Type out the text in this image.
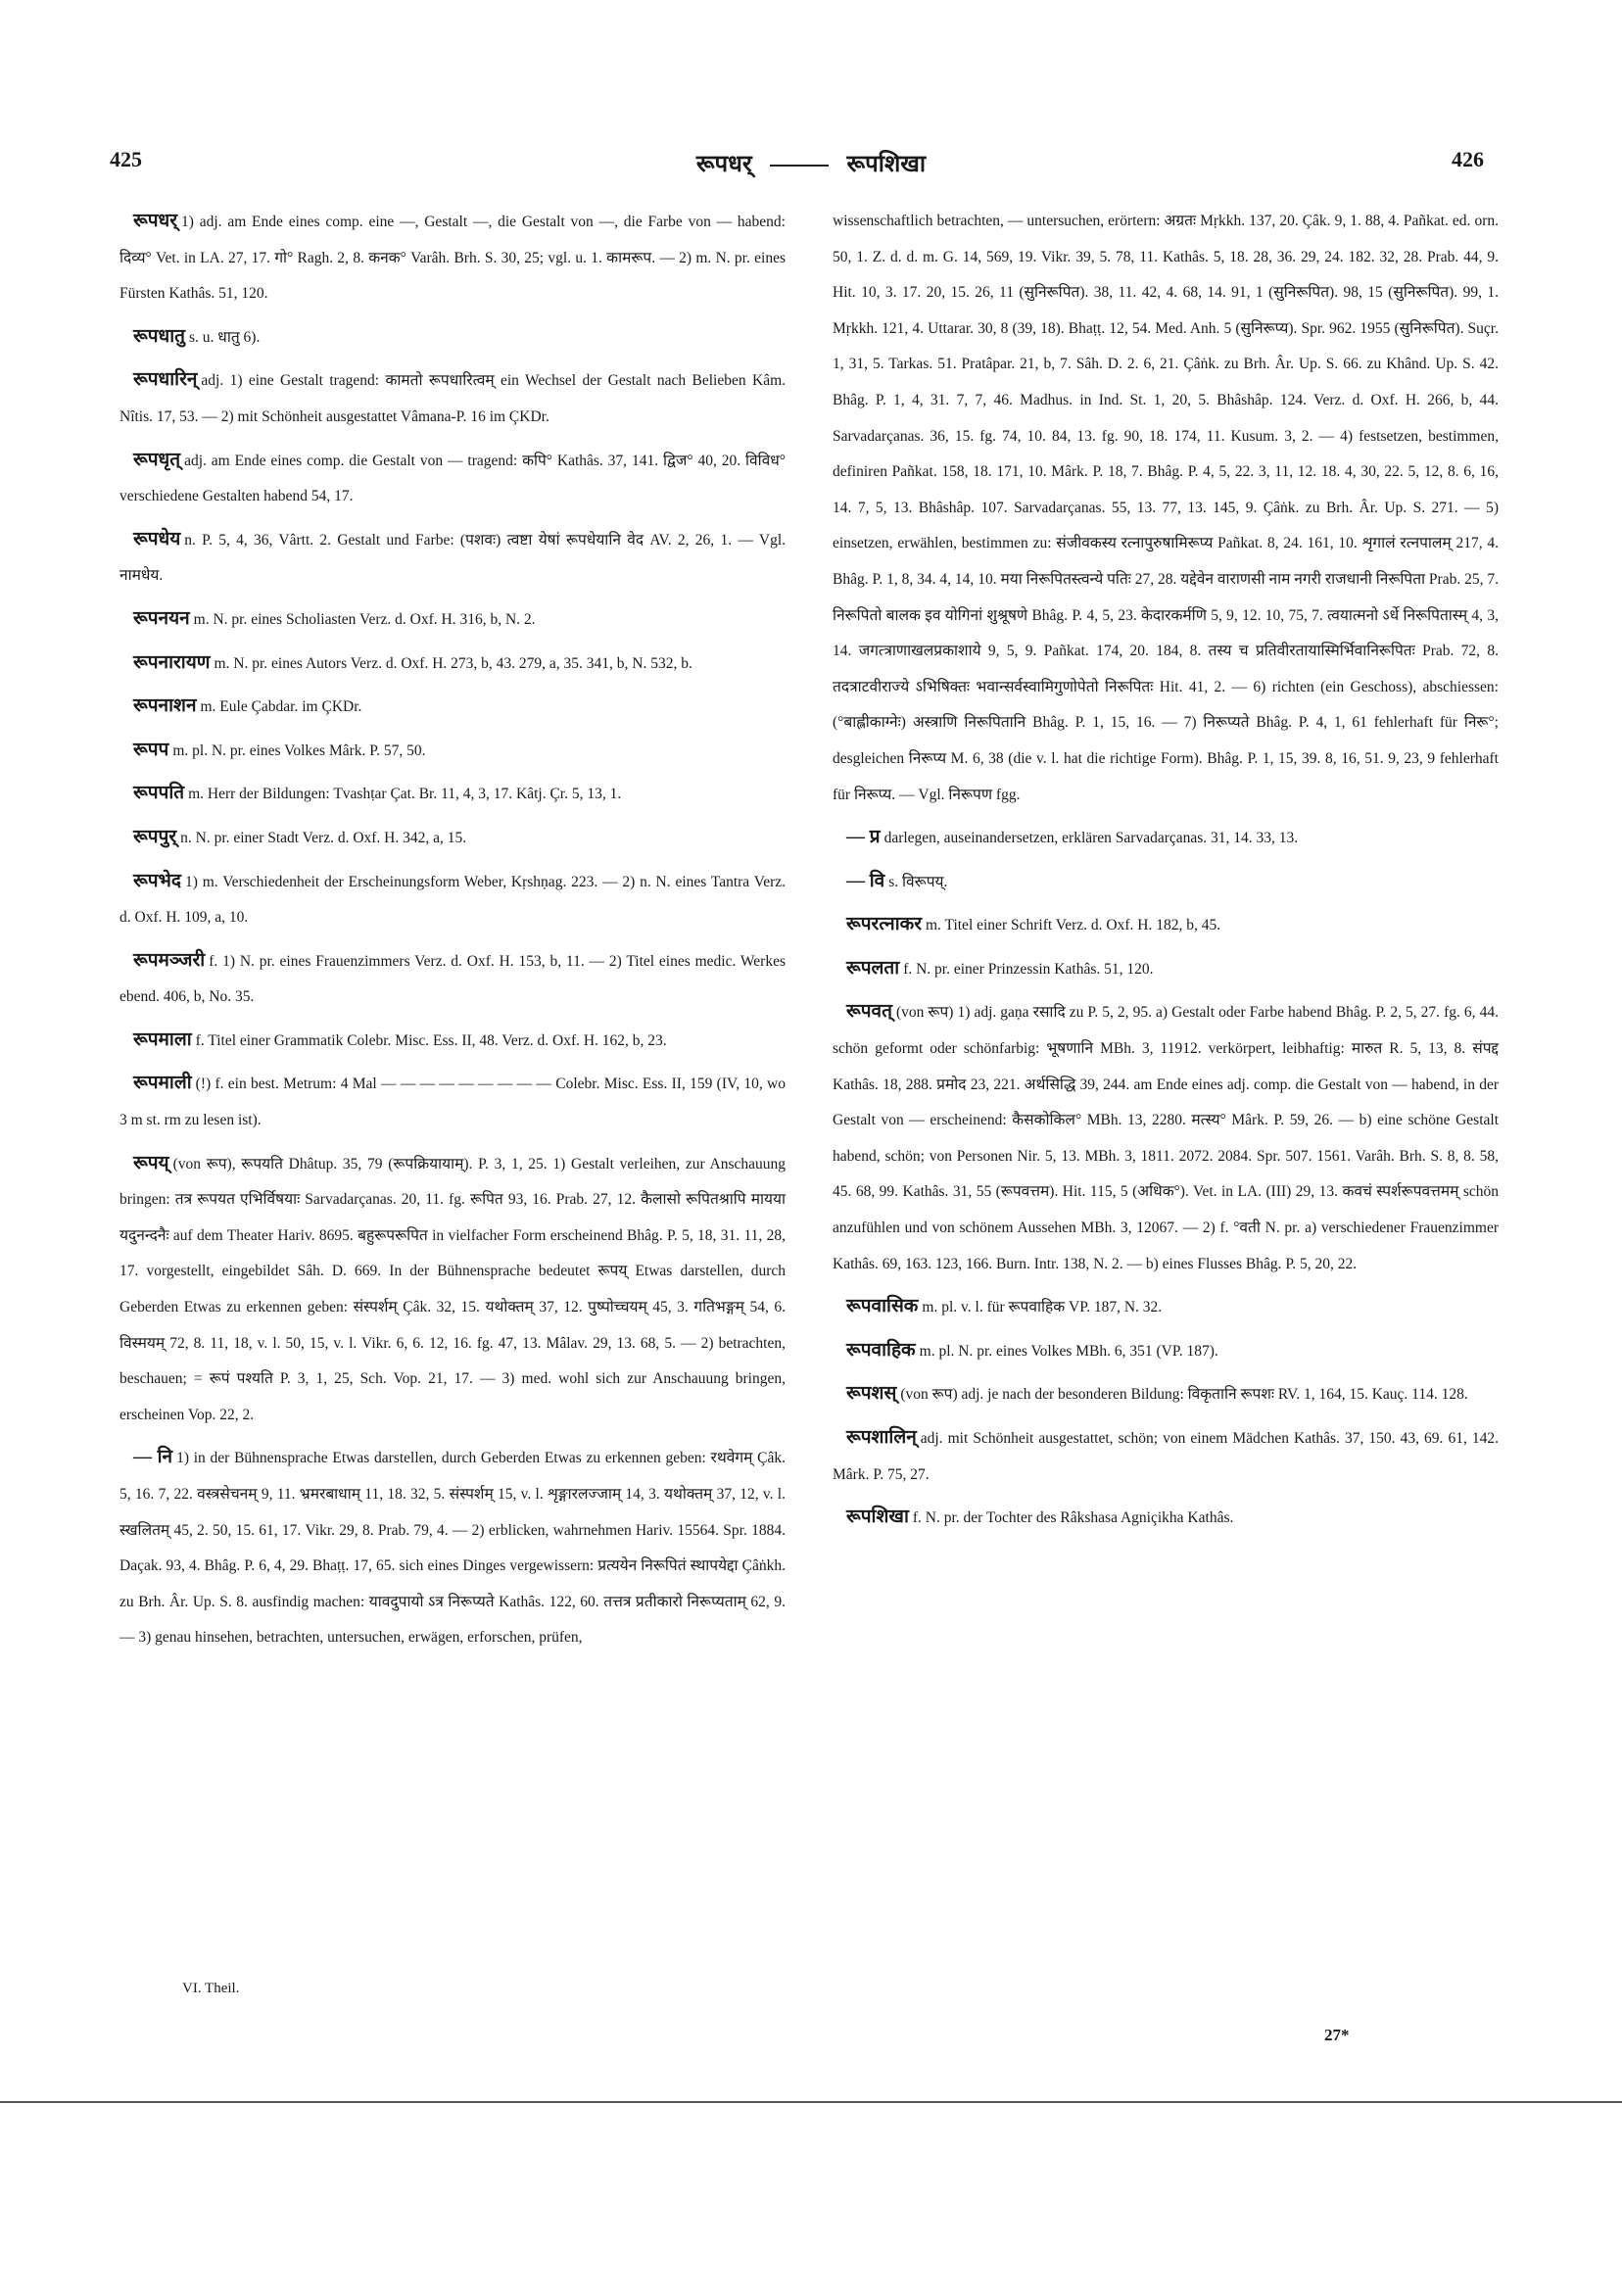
425	रूपधर्	रूपशिखा	426

रूपधर् 1) adj. am Ende eines comp. eine —, Gestalt —, die Gestalt von —, die Farbe von — habend: दिव्य° Vet. in LA. 27, 17. गो° Ragh. 2, 8. कनक° Varâh. Brh. S. 30, 25; vgl. u. 1. कामरूप. — 2) m. N. pr. eines Fürsten Kathâs. 51, 120.

रूपधातु s. u. धातु 6).

रूपधारिन् adj. 1) eine Gestalt tragend: कामतो रूपधारित्वम् ein Wechsel der Gestalt nach Belieben Kâm. Nîtis. 17, 53. — 2) mit Schönheit ausgestattet Vâmana-P. 16 im ÇKDr.

रूपधृत् adj. am Ende eines comp. die Gestalt von — tragend: कपि° Kathâs. 37, 141. द्विज° 40, 20. विविध° verschiedene Gestalten habend 54, 17.

रूपधेय n. P. 5, 4, 36, Vârtt. 2. Gestalt und Farbe: (पशवः) त्वष्टा येषां रूपधेयानि वेद AV. 2, 26, 1. — Vgl. नामधेय.

रूपनयन m. N. pr. eines Scholiasten Verz. d. Oxf. H. 316, b, N. 2.

रूपनारायण m. N. pr. eines Autors Verz. d. Oxf. H. 273, b, 43. 279, a, 35. 341, b, N. 532, b.

रूपनाशन m. Eule Çabdar. im ÇKDr.

रूपप m. pl. N. pr. eines Volkes Mârk. P. 57, 50.

रूपपति m. Herr der Bildungen: Tvashṭar Çat. Br. 11, 4, 3, 17. Kâtj. Çr. 5, 13, 1.

रूपपुर् n. N. pr. einer Stadt Verz. d. Oxf. H. 342, a, 15.

रूपभेद 1) m. Verschiedenheit der Erscheinungsform Weber, Kṛshṇag. 223. — 2) n. N. eines Tantra Verz. d. Oxf. H. 109, a, 10.

रूपमञ्जरी f. 1) N. pr. eines Frauenzimmers Verz. d. Oxf. H. 153, b, 11. — 2) Titel eines medic. Werkes ebend. 406, b, No. 35.

रूपमाला f. Titel einer Grammatik Colebr. Misc. Ess. II, 48. Verz. d. Oxf. H. 162, b, 23.

रूपमाली (!) f. ein best. Metrum: 4 Mal — — — — — — — — — Colebr. Misc. Ess. II, 159 (IV, 10, wo 3 m st. rm zu lesen ist).

रूपय् (von रूप), रूपयति Dhâtup. 35, 79 (रूपक्रियायाम्). P. 3, 1, 25. 1) Gestalt verleihen, zur Anschauung bringen: तत्र रूपयत एभिर्विषयाः Sarvadarçanas. 20, 11. fg. रूपित 93, 16. Prab. 27, 12. कैलासो रूपितश्रापि मायया यदुनन्दनैः auf dem Theater Hariv. 8695. बहुरूपरूपित in vielfacher Form erscheinend Bhâg. P. 5, 18, 31. 11, 28, 17. vorgestellt, eingebildet Sâh. D. 669. In der Bühnensprache bedeutet रूपय् Etwas darstellen, durch Geberden Etwas zu erkennen geben: संस्पर्शम् Çâk. 32, 15. यथोक्तम् 37, 12. पुष्पोच्चयम् 45, 3. गतिभङ्गम् 54, 6. विस्मयम् 72, 8. 11, 18, v. l. 50, 15, v. l. Vikr. 6, 6. 12, 16. fg. 47, 13. Mâlav. 29, 13. 68, 5. — 2) betrachten, beschauen; = रूपं पश्यति P. 3, 1, 25, Sch. Vop. 21, 17. — 3) med. wohl sich zur Anschauung bringen, erscheinen Vop. 22, 2.

— नि 1) in der Bühnensprache Etwas darstellen, durch Geberden Etwas zu erkennen geben: रथवेगम् Çâk. 5, 16. 7, 22. वस्त्रसेचनम् 9, 11. भ्रमरबाधाम् 11, 18. 32, 5. संस्पर्शम् 15, v. l. शृङ्गारलज्जाम् 14, 3. यथोक्तम् 37, 12, v. l. स्खलितम् 45, 2. 50, 15. 61, 17. Vikr. 29, 8. Prab. 79, 4. — 2) erblicken, wahrnehmen Hariv. 15564. Spr. 1884. Daçak. 93, 4. Bhâg. P. 6, 4, 29. Bhaṭṭ. 17, 65. sich eines Dinges vergewissern: प्रत्ययेन निरूपितं स्थापयेद्दा Çâṅkh. zu Brh. Âr. Up. S. 8. ausfindig machen: यावदुपायो ऽत्र निरूप्यते Kathâs. 122, 60. तत्तत्र प्रतीकारो निरूप्यताम् 62, 9. — 3) genau hinsehen, betrachten, untersuchen, erwägen, erforschen, prüfen,

wissenschaftlich betrachten, — untersuchen, erörtern: अग्रतः Mṛkkh. 137, 20. Çâk. 9, 1. 88, 4. Pañkat. ed. orn. 50, 1. Z. d. d. m. G. 14, 569, 19. Vikr. 39, 5. 78, 11. Kathâs. 5, 18. 28, 36. 29, 24. 182. 32, 28. Prab. 44, 9. Hit. 10, 3. 17. 20, 15. 26, 11 (सुनिरूपित). 38, 11. 42, 4. 68, 14. 91, 1 (सुनिरूपित). 98, 15 (सुनिरूपित). 99, 1. Mṛkkh. 121, 4. Uttarar. 30, 8 (39, 18). Bhaṭṭ. 12, 54. Med. Anh. 5 (सुनिरूप्य). Spr. 962. 1955 (सुनिरूपित). Suçr. 1, 31, 5. Tarkas. 51. Pratâpar. 21, b, 7. Sâh. D. 2. 6, 21. Çâṅk. zu Brh. Âr. Up. S. 66. zu Khând. Up. S. 42. Bhâg. P. 1, 4, 31. 7, 7, 46. Madhus. in Ind. St. 1, 20, 5. Bhâshâp. 124. Verz. d. Oxf. H. 266, b, 44. Sarvadarçanas. 36, 15. fg. 74, 10. 84, 13. fg. 90, 18. 174, 11. Kusum. 3, 2. — 4) festsetzen, bestimmen, definiren Pañkat. 158, 18. 171, 10. Mârk. P. 18, 7. Bhâg. P. 4, 5, 22. 3, 11, 12. 18. 4, 30, 22. 5, 12, 8. 6, 16, 14. 7, 5, 13. Bhâshâp. 107. Sarvadarçanas. 55, 13. 77, 13. 145, 9. Çâṅk. zu Brh. Âr. Up. S. 271. — 5) einsetzen, erwählen, bestimmen zu: संजीवकस्य रत्नापुरुषामिरूप्य Pañkat. 8, 24. 161, 10. शृगालं रत्नपालम् 217, 4. Bhâg. P. 1, 8, 34. 4, 14, 10. मया निरूपितस्त्वन्ये पतिः 27, 28. यद्देवेन वाराणसी नाम नगरी राजधानी निरूपिता Prab. 25, 7. निरूपितो बालक इव योगिनां शुश्रूषणे Bhâg. P. 4, 5, 23. केदारकर्मणि 5, 9, 12. 10, 75, 7. त्वयात्मनो ऽर्धे निरूपितास्म् 4, 3, 14. जगत्त्राणाखलप्रकाशाये 9, 5, 9. Pañkat. 174, 20. 184, 8. तस्य च प्रतिवीरतायास्मिर्भिवानिरूपितः Prab. 72, 8. तदत्राटवीराज्ये ऽभिषिक्तः भवान्सर्वस्वामिगुणोपेतो निरूपितः Hit. 41, 2. — 6) richten (ein Geschoss), abschiessen: (°बाह्लीकाग्नेः) अस्त्राणि निरूपितानि Bhâg. P. 1, 15, 16. — 7) निरूप्यते Bhâg. P. 4, 1, 61 fehlerhaft für निरू°; desgleichen निरूप्य M. 6, 38 (die v. l. hat die richtige Form). Bhâg. P. 1, 15, 39. 8, 16, 51. 9, 23, 9 fehlerhaft für निरूप्य. — Vgl. निरूपण fgg.

— प्र darlegen, auseinandersetzen, erklären Sarvadarçanas. 31, 14. 33, 13.

— वि s. विरूपय्.

रूपरत्नाकर m. Titel einer Schrift Verz. d. Oxf. H. 182, b, 45.

रूपलता f. N. pr. einer Prinzessin Kathâs. 51, 120.

रूपवत् (von रूप) 1) adj. gaṇa रसादि zu P. 5, 2, 95. a) Gestalt oder Farbe habend Bhâg. P. 2, 5, 27. fg. 6, 44. schön geformt oder schönfarbig: भूषणानि MBh. 3, 11912. verkörpert, leibhaftig: मारुत R. 5, 13, 8. संपद्द Kathâs. 18, 288. प्रमोद 23, 221. अर्थसिद्धि 39, 244. am Ende eines adj. comp. die Gestalt von — habend, in der Gestalt von — erscheinend: कैसकोकिल° MBh. 13, 2280. मत्स्य° Mârk. P. 59, 26. — b) eine schöne Gestalt habend, schön; von Personen Nir. 5, 13. MBh. 3, 1811. 2072. 2084. Spr. 507. 1561. Varâh. Brh. S. 8, 8. 58, 45. 68, 99. Kathâs. 31, 55 (रूपवत्तम). Hit. 115, 5 (अधिक°). Vet. in LA. (III) 29, 13. कवचं स्पर्शरूपवत्तमम् schön anzufühlen und von schönem Aussehen MBh. 3, 12067. — 2) f. °वती N. pr. a) verschiedener Frauenzimmer Kathâs. 69, 163. 123, 166. Burn. Intr. 138, N. 2. — b) eines Flusses Bhâg. P. 5, 20, 22.

रूपवासिक m. pl. v. l. für रूपवाहिक VP. 187, N. 32.

रूपवाहिक m. pl. N. pr. eines Volkes MBh. 6, 351 (VP. 187).

रूपशस् (von रूप) adj. je nach der besonderen Bildung: विकृतानि रूपशः RV. 1, 164, 15. Kauç. 114. 128.

रूपशालिन् adj. mit Schönheit ausgestattet, schön; von einem Mädchen Kathâs. 37, 150. 43, 69. 61, 142. Mârk. P. 75, 27.

रूपशिखा f. N. pr. der Tochter des Râkshasa Agniçikha Kathâs.

VI. Theil.
27*
